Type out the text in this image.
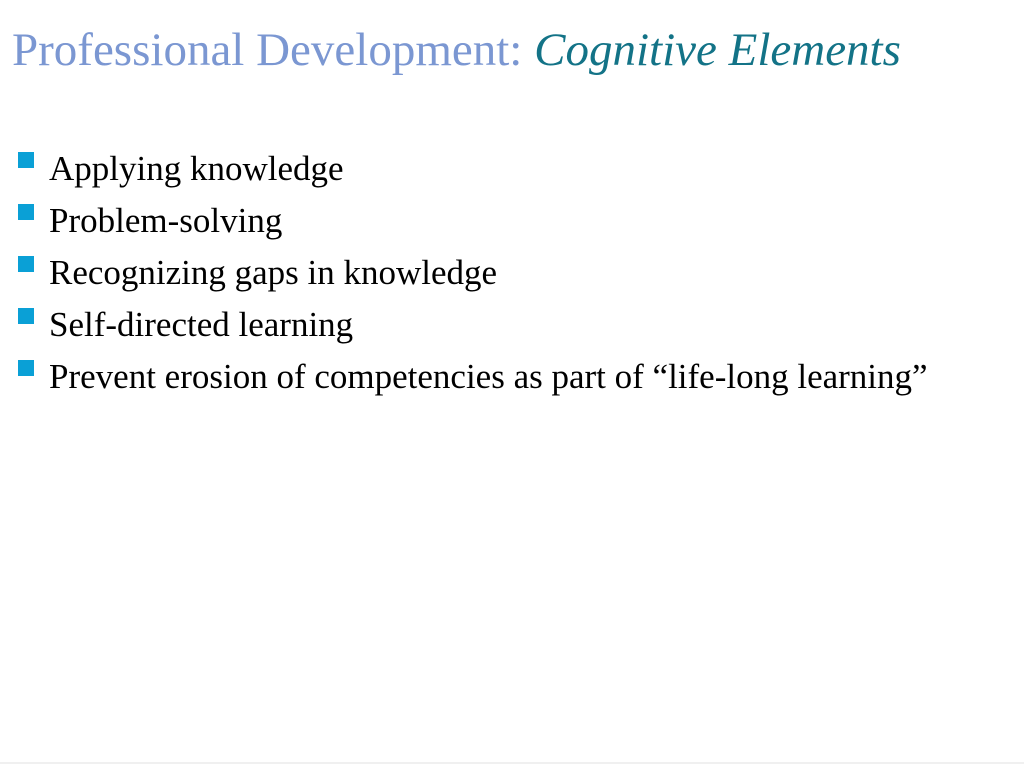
Professional Development: Cognitive Elements
Applying knowledge
Problem-solving
Recognizing gaps in knowledge
Self-directed learning
Prevent erosion of competencies as part of “life-long learning”
